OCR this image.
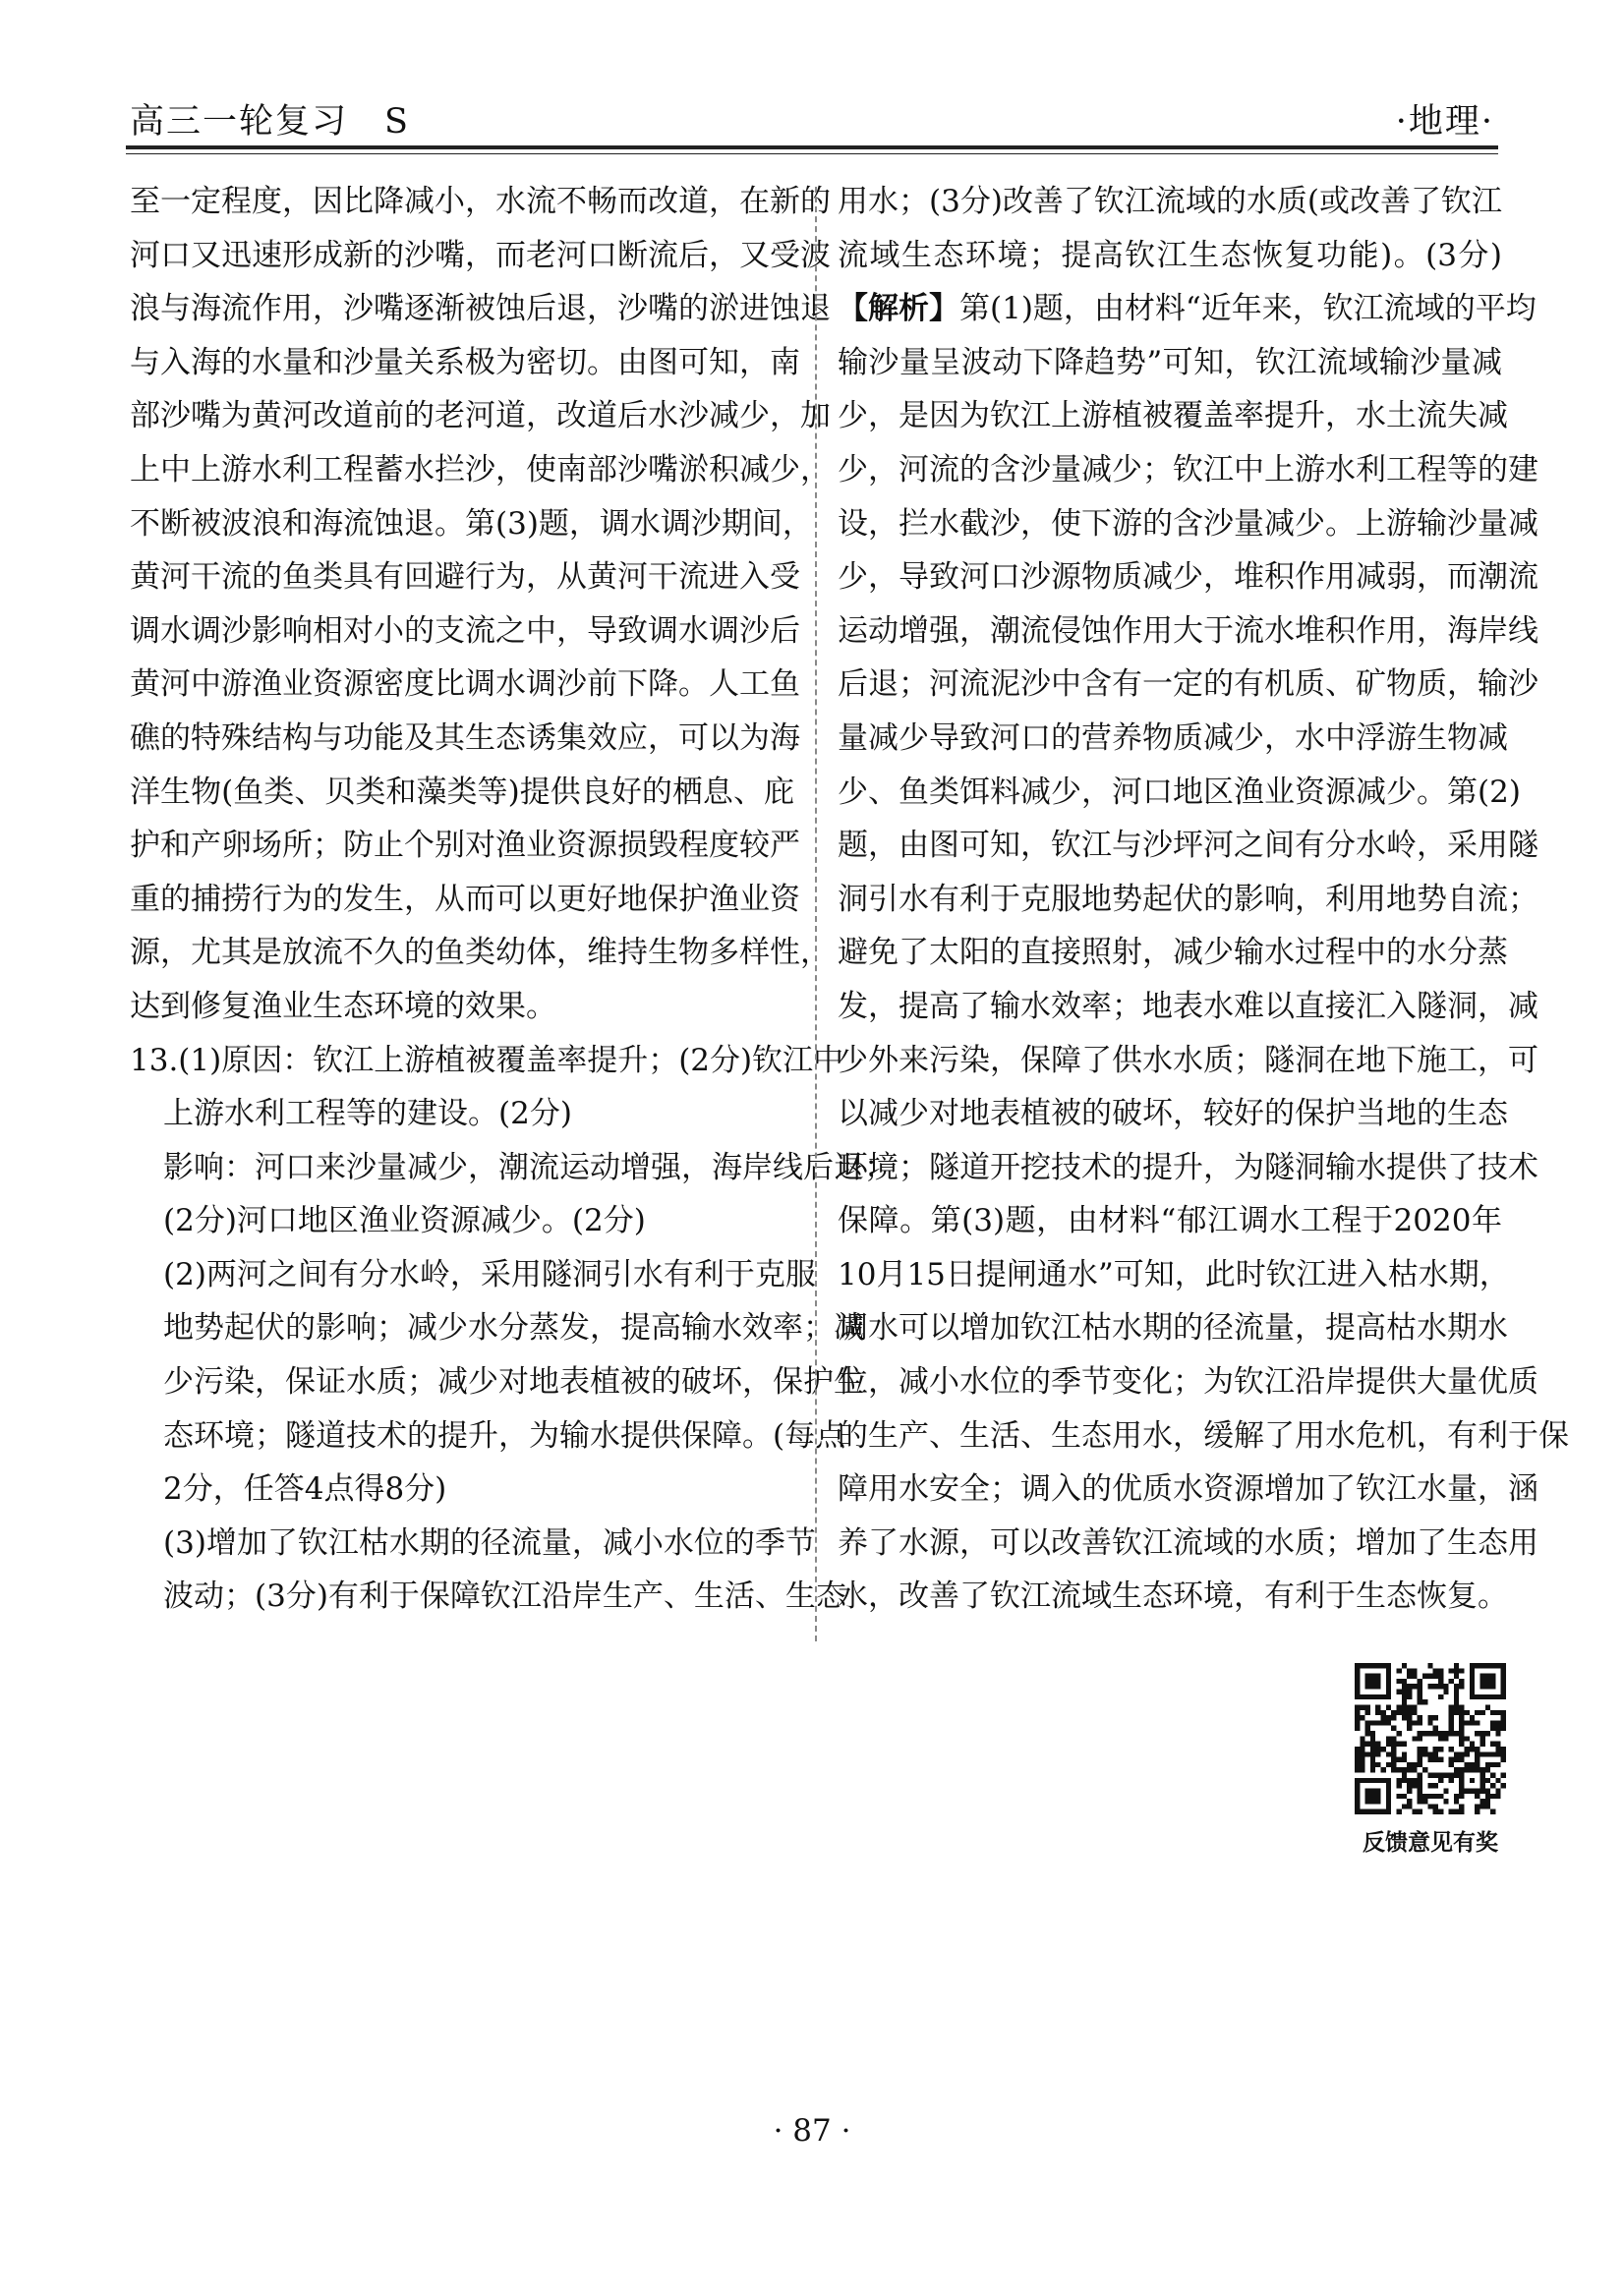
高三一轮复习　S	·地理·
至一定程度，因比降减小，水流不畅而改道，在新的
河口又迅速形成新的沙嘴，而老河口断流后，又受波
浪与海流作用，沙嘴逐渐被蚀后退，沙嘴的淤进蚀退
与入海的水量和沙量关系极为密切。由图可知，南
部沙嘴为黄河改道前的老河道，改道后水沙减少，加
上中上游水利工程蓄水拦沙，使南部沙嘴淤积减少，
不断被波浪和海流蚀退。第(3)题，调水调沙期间，
黄河干流的鱼类具有回避行为，从黄河干流进入受
调水调沙影响相对小的支流之中，导致调水调沙后
黄河中游渔业资源密度比调水调沙前下降。人工鱼
礁的特殊结构与功能及其生态诱集效应，可以为海
洋生物(鱼类、贝类和藻类等)提供良好的栖息、庇
护和产卵场所；防止个别对渔业资源损毁程度较严
重的捕捞行为的发生，从而可以更好地保护渔业资
源，尤其是放流不久的鱼类幼体，维持生物多样性，
达到修复渔业生态环境的效果。
13.(1)原因：钦江上游植被覆盖率提升；(2分)钦江中
上游水利工程等的建设。(2分)
影响：河口来沙量减少，潮流运动增强，海岸线后退；
(2分)河口地区渔业资源减少。(2分)
(2)两河之间有分水岭，采用隧洞引水有利于克服
地势起伏的影响；减少水分蒸发，提高输水效率；减
少污染，保证水质；减少对地表植被的破坏，保护生
态环境；隧道技术的提升，为输水提供保障。(每点
2分，任答4点得8分)
(3)增加了钦江枯水期的径流量，减小水位的季节
波动；(3分)有利于保障钦江沿岸生产、生活、生态
用水；(3分)改善了钦江流域的水质(或改善了钦江
流域生态环境；提高钦江生态恢复功能)。(3分)
【解析】第(1)题，由材料“近年来，钦江流域的平均
输沙量呈波动下降趋势”可知，钦江流域输沙量减
少，是因为钦江上游植被覆盖率提升，水土流失减
少，河流的含沙量减少；钦江中上游水利工程等的建
设，拦水截沙，使下游的含沙量减少。上游输沙量减
少，导致河口沙源物质减少，堆积作用减弱，而潮流
运动增强，潮流侵蚀作用大于流水堆积作用，海岸线
后退；河流泥沙中含有一定的有机质、矿物质，输沙
量减少导致河口的营养物质减少，水中浮游生物减
少、鱼类饵料减少，河口地区渔业资源减少。第(2)
题，由图可知，钦江与沙坪河之间有分水岭，采用隧
洞引水有利于克服地势起伏的影响，利用地势自流；
避免了太阳的直接照射，减少输水过程中的水分蒸
发，提高了输水效率；地表水难以直接汇入隧洞，减
少外来污染，保障了供水水质；隧洞在地下施工，可
以减少对地表植被的破坏，较好的保护当地的生态
环境；隧道开挖技术的提升，为隧洞输水提供了技术
保障。第(3)题，由材料“郁江调水工程于2020年
10月15日提闸通水”可知，此时钦江进入枯水期，
调水可以增加钦江枯水期的径流量，提高枯水期水
位，减小水位的季节变化；为钦江沿岸提供大量优质
的生产、生活、生态用水，缓解了用水危机，有利于保
障用水安全；调入的优质水资源增加了钦江水量，涵
养了水源，可以改善钦江流域的水质；增加了生态用
水，改善了钦江流域生态环境，有利于生态恢复。
反馈意见有奖
· 87 ·
